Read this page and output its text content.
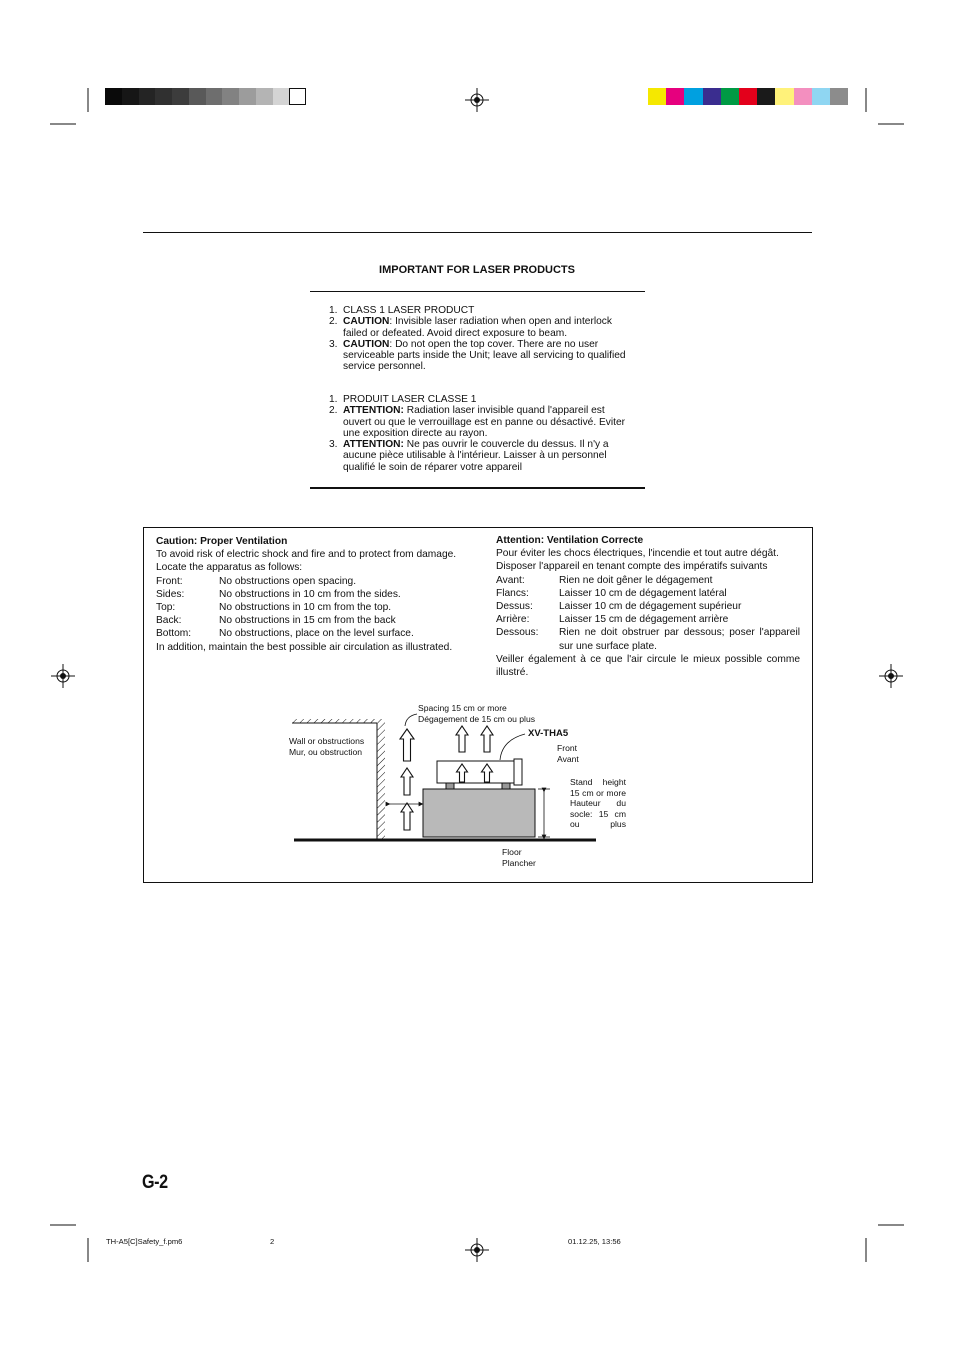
IMPORTANT FOR LASER PRODUCTS
1. CLASS 1 LASER PRODUCT
2. CAUTION: Invisible laser radiation when open and interlock failed or defeated. Avoid direct exposure to beam.
3. CAUTION: Do not open the top cover. There are no user serviceable parts inside the Unit; leave all servicing to qualified service personnel.
1. PRODUIT LASER CLASSE 1
2. ATTENTION: Radiation laser invisible quand l'appareil est ouvert ou que le verrouillage est en panne ou désactivé. Eviter une exposition directe au rayon.
3. ATTENTION: Ne pas ouvrir le couvercle du dessus. Il n'y a aucune pièce utilisable à l'intérieur. Laisser à un personnel qualifié le soin de réparer votre appareil
Caution: Proper Ventilation
To avoid risk of electric shock and fire and to protect from damage.
Locate the apparatus as follows:
Front:	No obstructions open spacing.
Sides:	No obstructions in 10 cm from the sides.
Top:	No obstructions in 10 cm from the top.
Back:	No obstructions in 15 cm from the back
Bottom:	No obstructions, place on the level surface.
In addition, maintain the best possible air circulation as illustrated.
Attention: Ventilation Correcte
Pour éviter les chocs électriques, l'incendie et tout autre dégât.
Disposer l'appareil en tenant compte des impératifs suivants
Avant:	Rien ne doit gêner le dégagement
Flancs:	Laisser 10 cm de dégagement latéral
Dessus:	Laisser 10 cm de dégagement supérieur
Arrière:	Laisser 15 cm de dégagement arrière
Dessous:	Rien ne doit obstruer par dessous; poser l'appareil sur une surface plate.
Veiller également à ce que l'air circule le mieux possible comme illustré.
Spacing 15 cm or more
Dégagement de 15 cm ou plus
XV-THA5
Wall or obstructions
Mur, ou obstruction	Front
Avant
Stand height
15 cm or more
Hauteur du
socle: 15 cm
ou plus
Floor
Plancher
G-2
TH-A5[C]Safety_f.pm6	2	01.12.25, 13:56
